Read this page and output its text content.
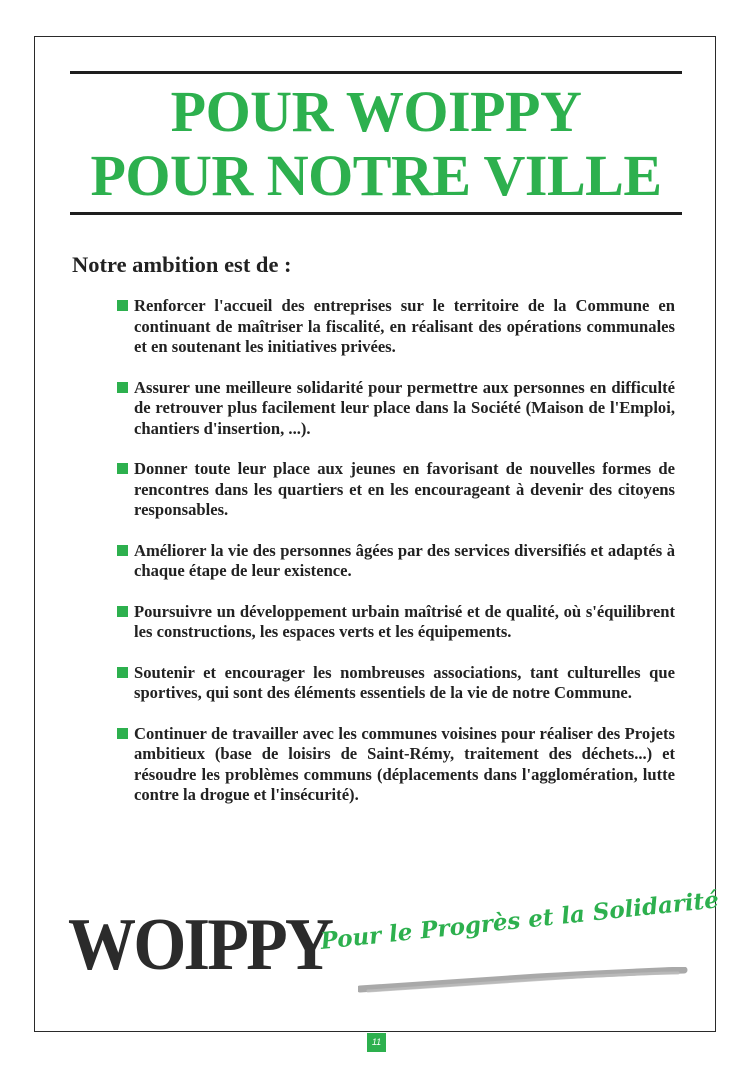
POUR WOIPPY
POUR NOTRE VILLE

Notre ambition est de :

Renforcer l'accueil des entreprises sur le territoire de la Commune en continuant de maîtriser la fiscalité, en réalisant des opérations communales et en soutenant les initiatives privées.
Assurer une meilleure solidarité pour permettre aux personnes en difficulté de retrouver plus facilement leur place dans la Société (Maison de l'Emploi, chantiers d'insertion, ...).
Donner toute leur place aux jeunes en favorisant de nouvelles formes de rencontres dans les quartiers et en les encourageant à devenir des citoyens responsables.
Améliorer la vie des personnes âgées par des services diversifiés et adaptés à chaque étape de leur existence.
Poursuivre un développement urbain maîtrisé et de qualité, où s'équilibrent les constructions, les espaces verts et les équipements.
Soutenir et encourager les nombreuses associations, tant culturelles que sportives, qui sont des éléments essentiels de la vie de notre Commune.
Continuer de travailler avec les communes voisines pour réaliser des Projets ambitieux (base de loisirs de Saint-Rémy, traitement des déchets...) et résoudre les problèmes communs (déplacements dans l'agglomération, lutte contre la drogue et l'insécurité).
WOIPPY
Pour le Progrès et la Solidarité
11
